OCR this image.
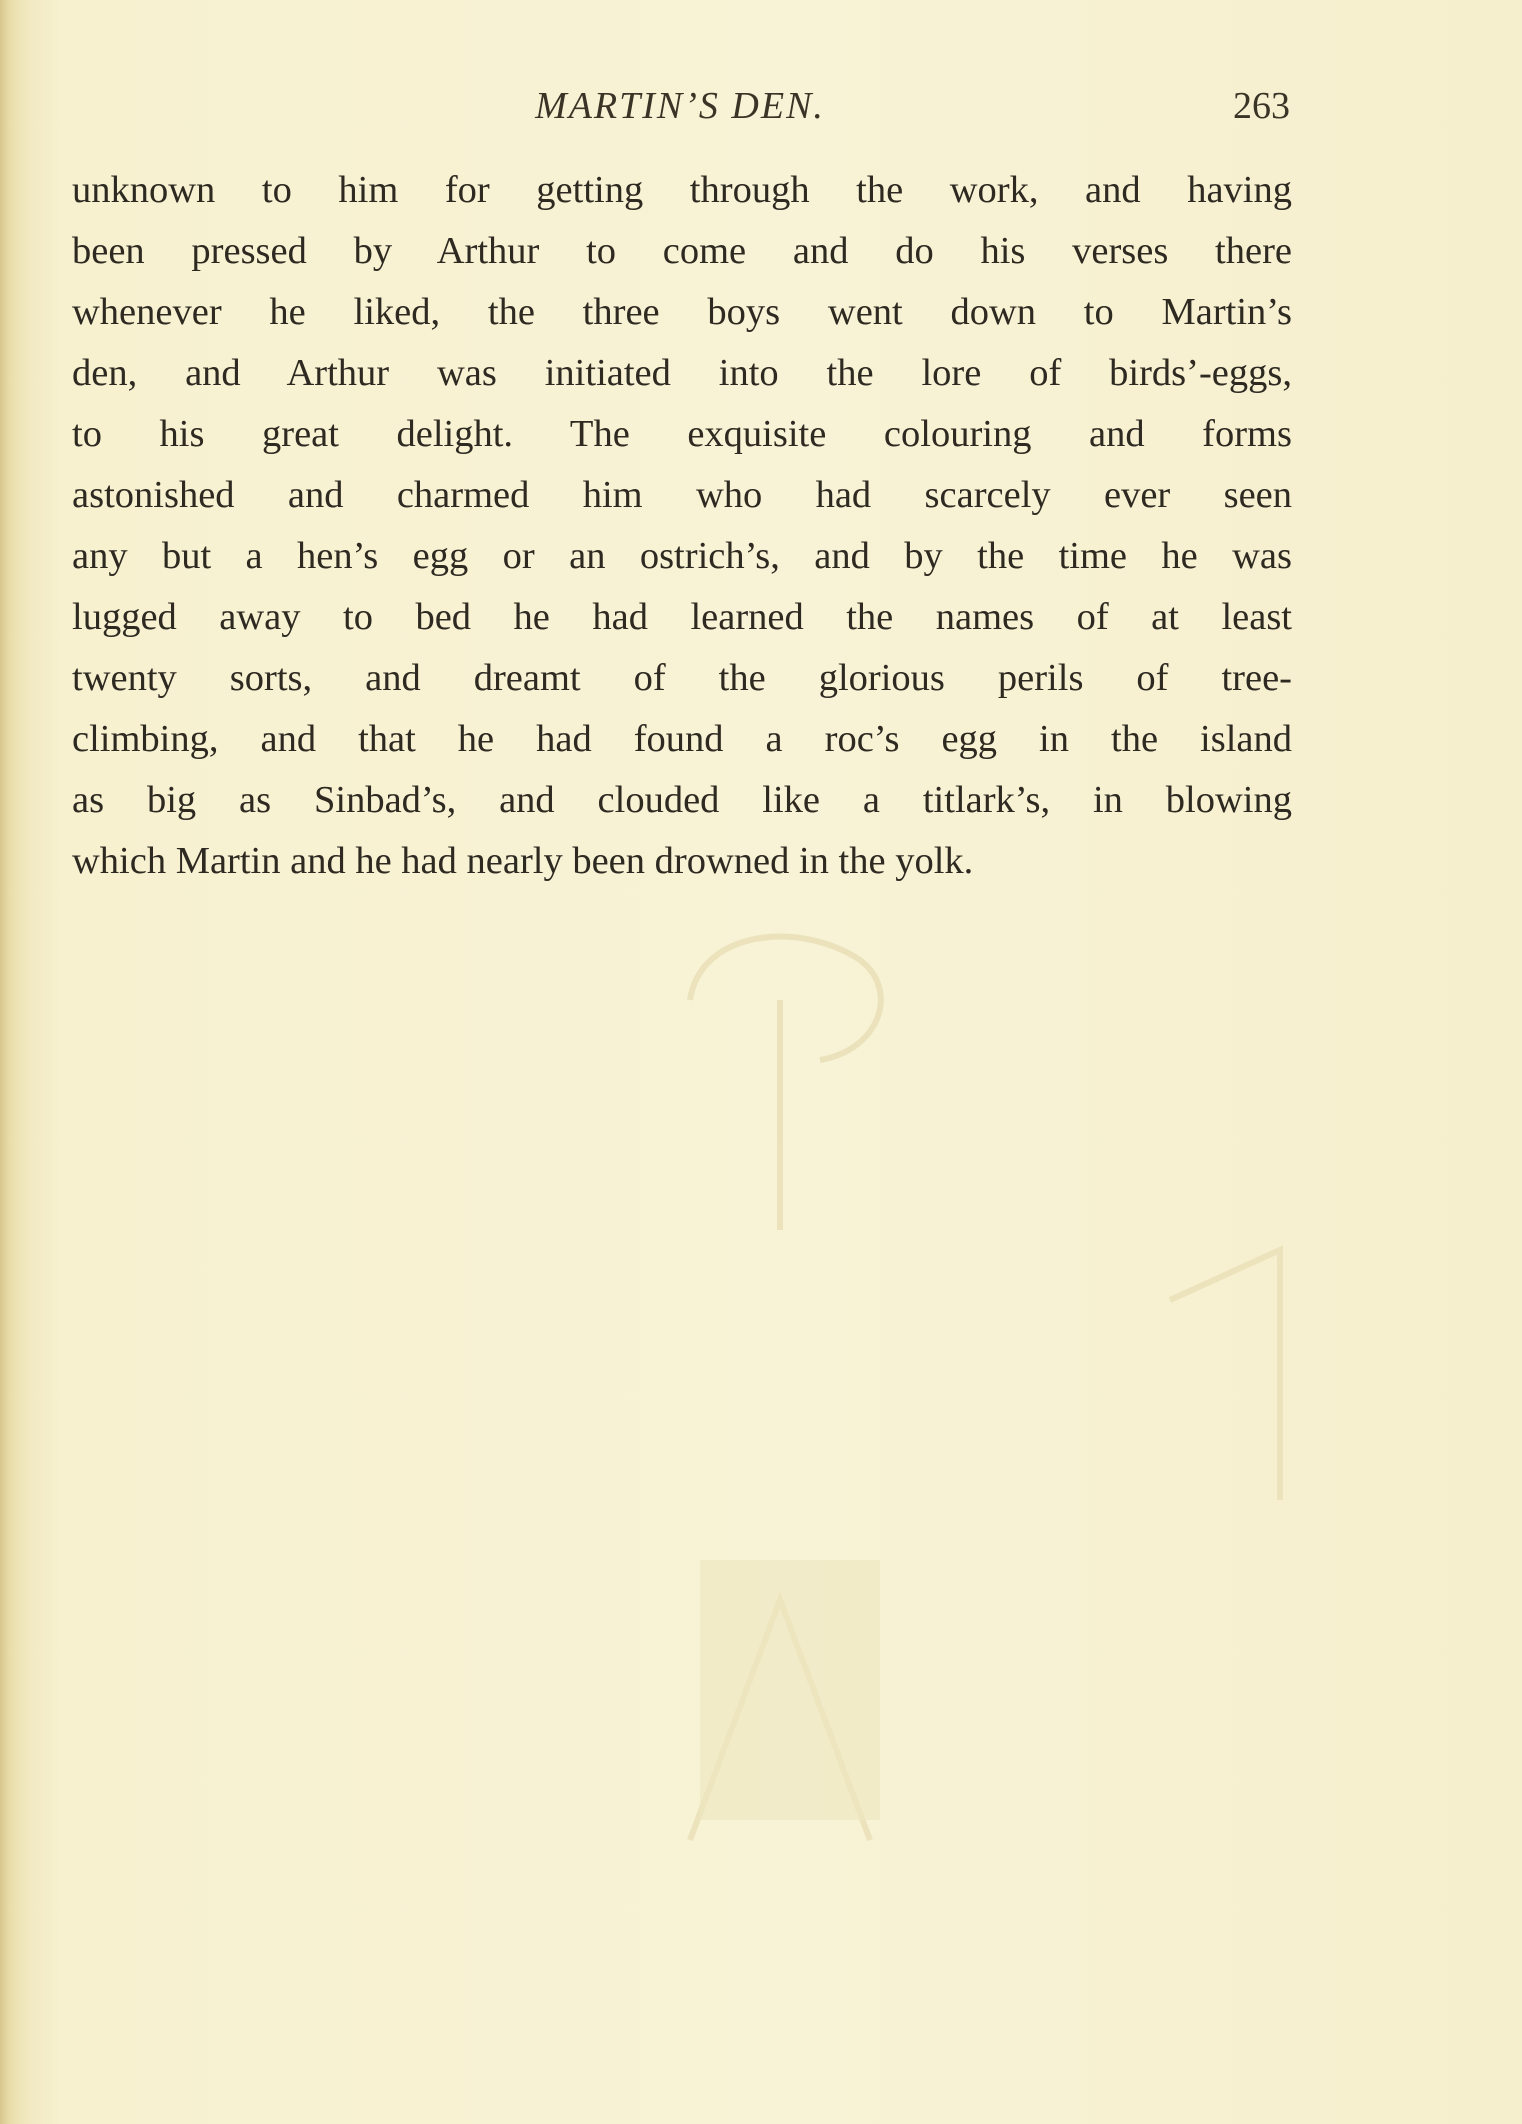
MARTIN’S DEN.	263
unknown to him for getting through the work, and having
been pressed by Arthur to come and do his verses there
whenever he liked, the three boys went down to Martin’s
den, and Arthur was initiated into the lore of birds’-eggs,
to his great delight. The exquisite colouring and forms
astonished and charmed him who had scarcely ever seen
any but a hen’s egg or an ostrich’s, and by the time he was
lugged away to bed he had learned the names of at least
twenty sorts, and dreamt of the glorious perils of tree-
climbing, and that he had found a roc’s egg in the island
as big as Sinbad’s, and clouded like a titlark’s, in blowing
which Martin and he had nearly been drowned in the yolk.
